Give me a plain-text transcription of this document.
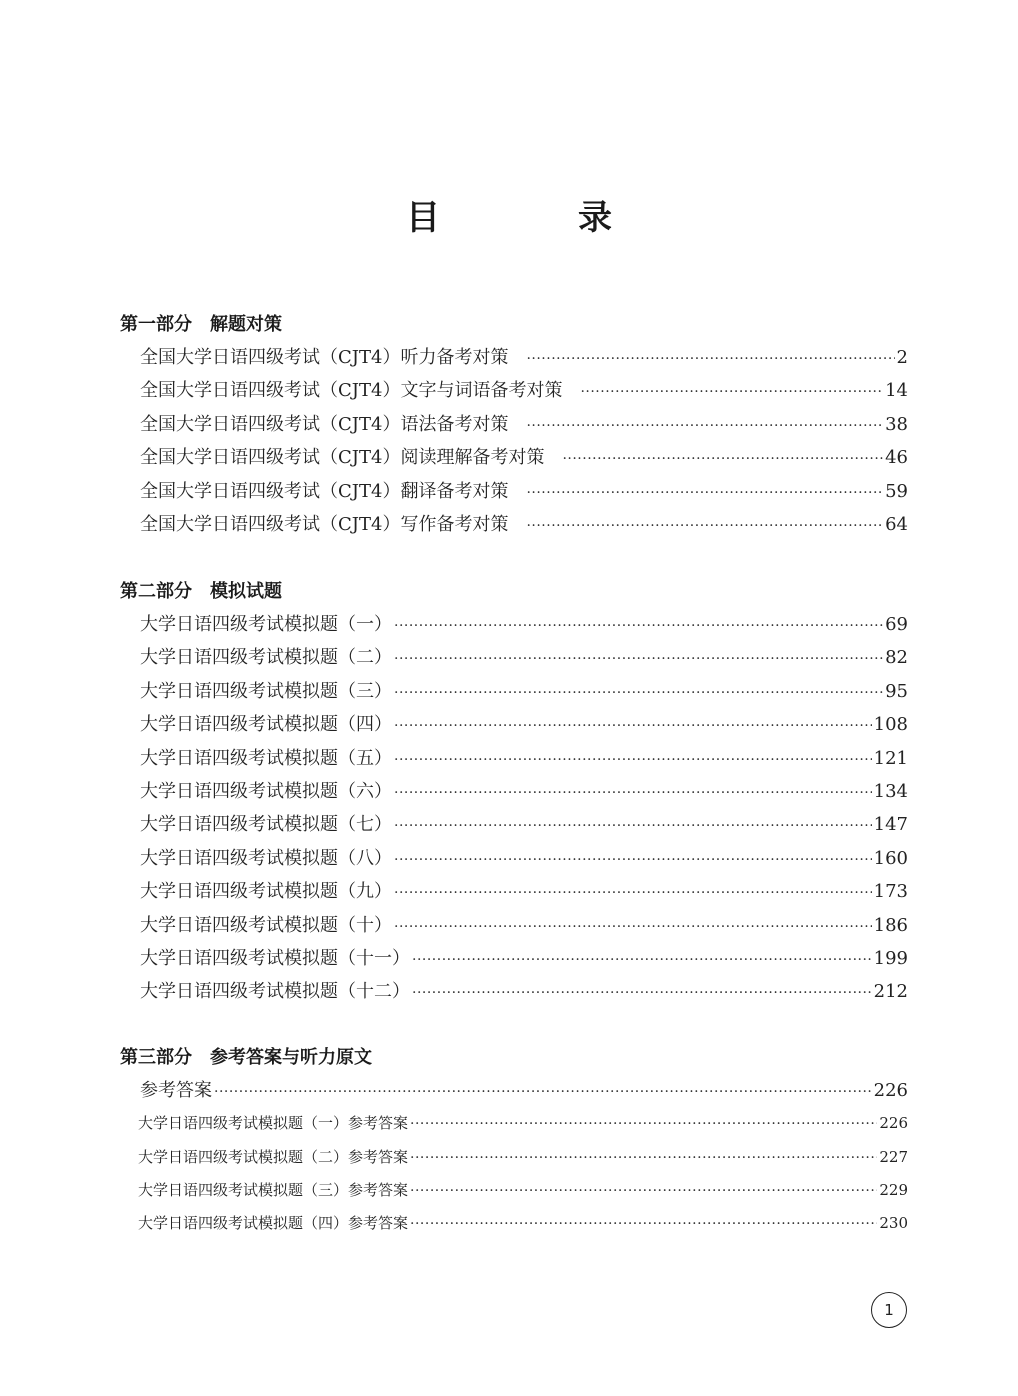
目　录
第一部分　解题对策
全国大学日语四级考试（CJT4）听力备考对策 ·····	2
全国大学日语四级考试（CJT4）文字与词语备考对策 ·····	14
全国大学日语四级考试（CJT4）语法备考对策 ·····	38
全国大学日语四级考试（CJT4）阅读理解备考对策 ·····	46
全国大学日语四级考试（CJT4）翻译备考对策 ·····	59
全国大学日语四级考试（CJT4）写作备考对策 ·····	64
第二部分　模拟试题
大学日语四级考试模拟题（一） ·····	69
大学日语四级考试模拟题（二） ·····	82
大学日语四级考试模拟题（三） ·····	95
大学日语四级考试模拟题（四） ·····	108
大学日语四级考试模拟题（五） ·····	121
大学日语四级考试模拟题（六） ·····	134
大学日语四级考试模拟题（七） ·····	147
大学日语四级考试模拟题（八） ·····	160
大学日语四级考试模拟题（九） ·····	173
大学日语四级考试模拟题（十） ·····	186
大学日语四级考试模拟题（十一） ·····	199
大学日语四级考试模拟题（十二） ·····	212
第三部分　参考答案与听力原文
参考答案 ·····	226
大学日语四级考试模拟题（一）参考答案 ·····	226
大学日语四级考试模拟题（二）参考答案 ·····	227
大学日语四级考试模拟题（三）参考答案 ·····	229
大学日语四级考试模拟题（四）参考答案 ·····	230
1
